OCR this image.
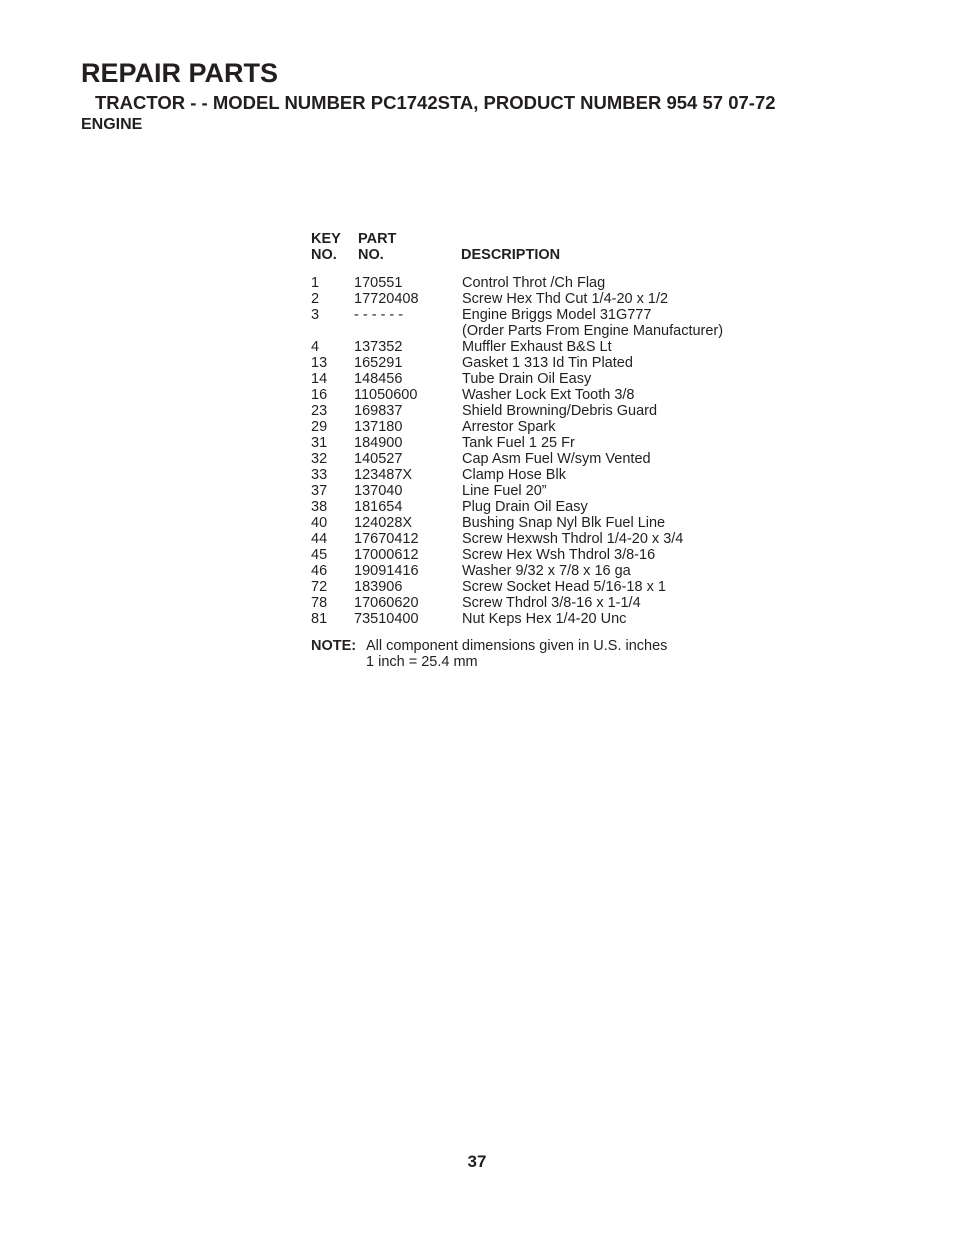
REPAIR PARTS
TRACTOR - - MODEL NUMBER PC1742STA, PRODUCT NUMBER 954 57 07-72
ENGINE
KEY
NO.
PART
NO.	DESCRIPTION
1 170551	Control Throt /Ch Flag
2 17720408	Screw Hex Thd Cut 1/4-20 x 1/2
3 - - - - - -	Engine Briggs Model 31G777
(Order Parts From Engine Manufacturer)
4 137352	Muffler Exhaust B&S Lt
13 165291	Gasket 1 313 Id Tin Plated
14 148456	Tube Drain Oil Easy
16 11050600	Washer Lock Ext Tooth 3/8
23 169837	Shield Browning/Debris Guard
29 137180	Arrestor Spark
31 184900	Tank Fuel 1 25 Fr
32 140527	Cap Asm Fuel W/sym Vented
33 123487X	Clamp Hose Blk
37 137040	Line Fuel 20”
38 181654	Plug Drain Oil Easy
40 124028X	Bushing Snap Nyl Blk Fuel Line
44 17670412	Screw Hexwsh Thdrol 1/4-20 x 3/4
45 17000612	Screw Hex Wsh Thdrol 3/8-16
46 19091416	Washer 9/32 x 7/8 x 16 ga
72 183906	Screw Socket Head 5/16-18 x 1
78 17060620	Screw Thdrol 3/8-16 x 1-1/4
81 73510400	Nut Keps Hex 1/4-20 Unc
NOTE: All component dimensions given in U.S. inches
1 inch = 25.4 mm
37
